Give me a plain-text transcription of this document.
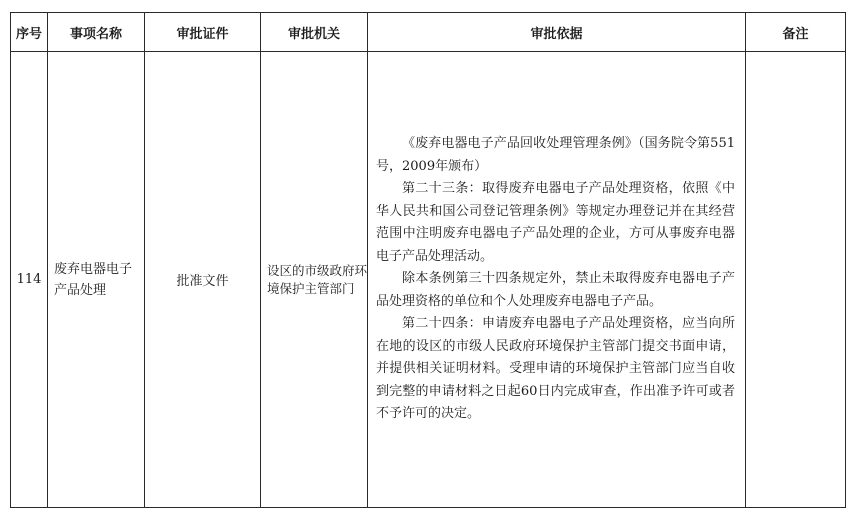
序号	事项名称	审批证件	审批机关	审批依据	备注
114	废弃电器电子产品处理	批准文件	设区的市级政府环境保护主管部门	《废弃电器电子产品回收处理管理条例》（国务院令第551号，2009年颁布）

第二十三条：取得废弃电器电子产品处理资格，依照《中华人民共和国公司登记管理条例》等规定办理登记并在其经营范围中注明废弃电器电子产品处理的企业，方可从事废弃电器电子产品处理活动。

除本条例第三十四条规定外，禁止未取得废弃电器电子产品处理资格的单位和个人处理废弃电器电子产品。

第二十四条：申请废弃电器电子产品处理资格，应当向所在地的设区的市级人民政府环境保护主管部门提交书面申请，并提供相关证明材料。受理申请的环境保护主管部门应当自收到完整的申请材料之日起60日内完成审查，作出准予许可或者不予许可的决定。	
